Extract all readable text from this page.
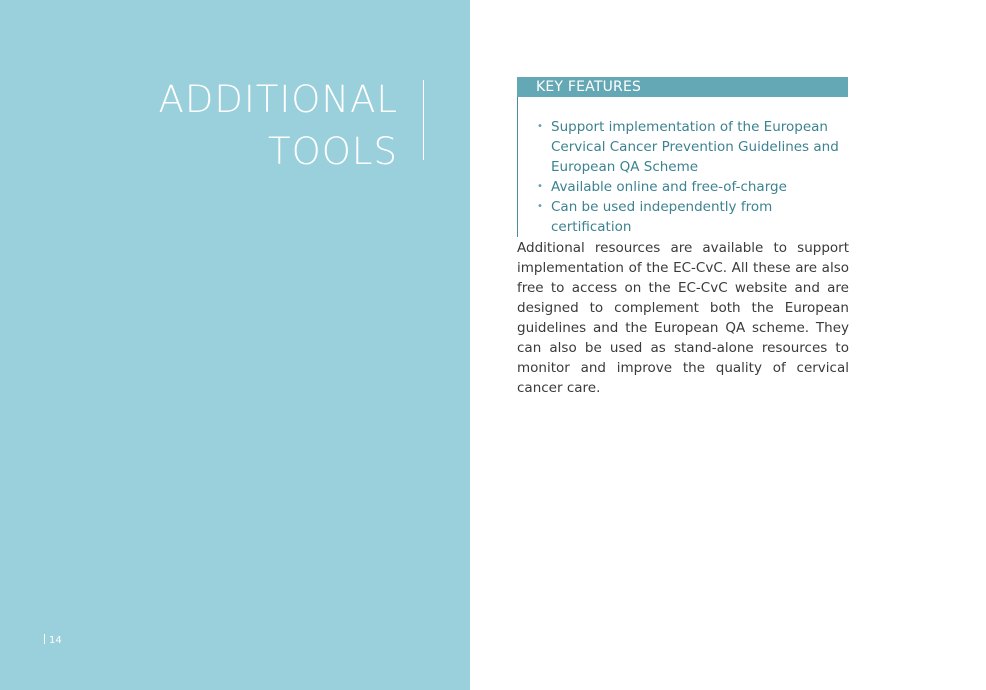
ADDITIONAL
TOOLS
14
KEY FEATURES
• Support implementation of the European Cervical Cancer Prevention Guidelines and European QA Scheme
• Available online and free-of-charge
• Can be used independently from certification

Additional resources are available to support implementation of the EC-CvC. All these are also free to access on the EC-CvC website and are designed to complement both the European guidelines and the European QA scheme. They can also be used as stand-alone resources to monitor and improve the quality of cervical cancer care.
